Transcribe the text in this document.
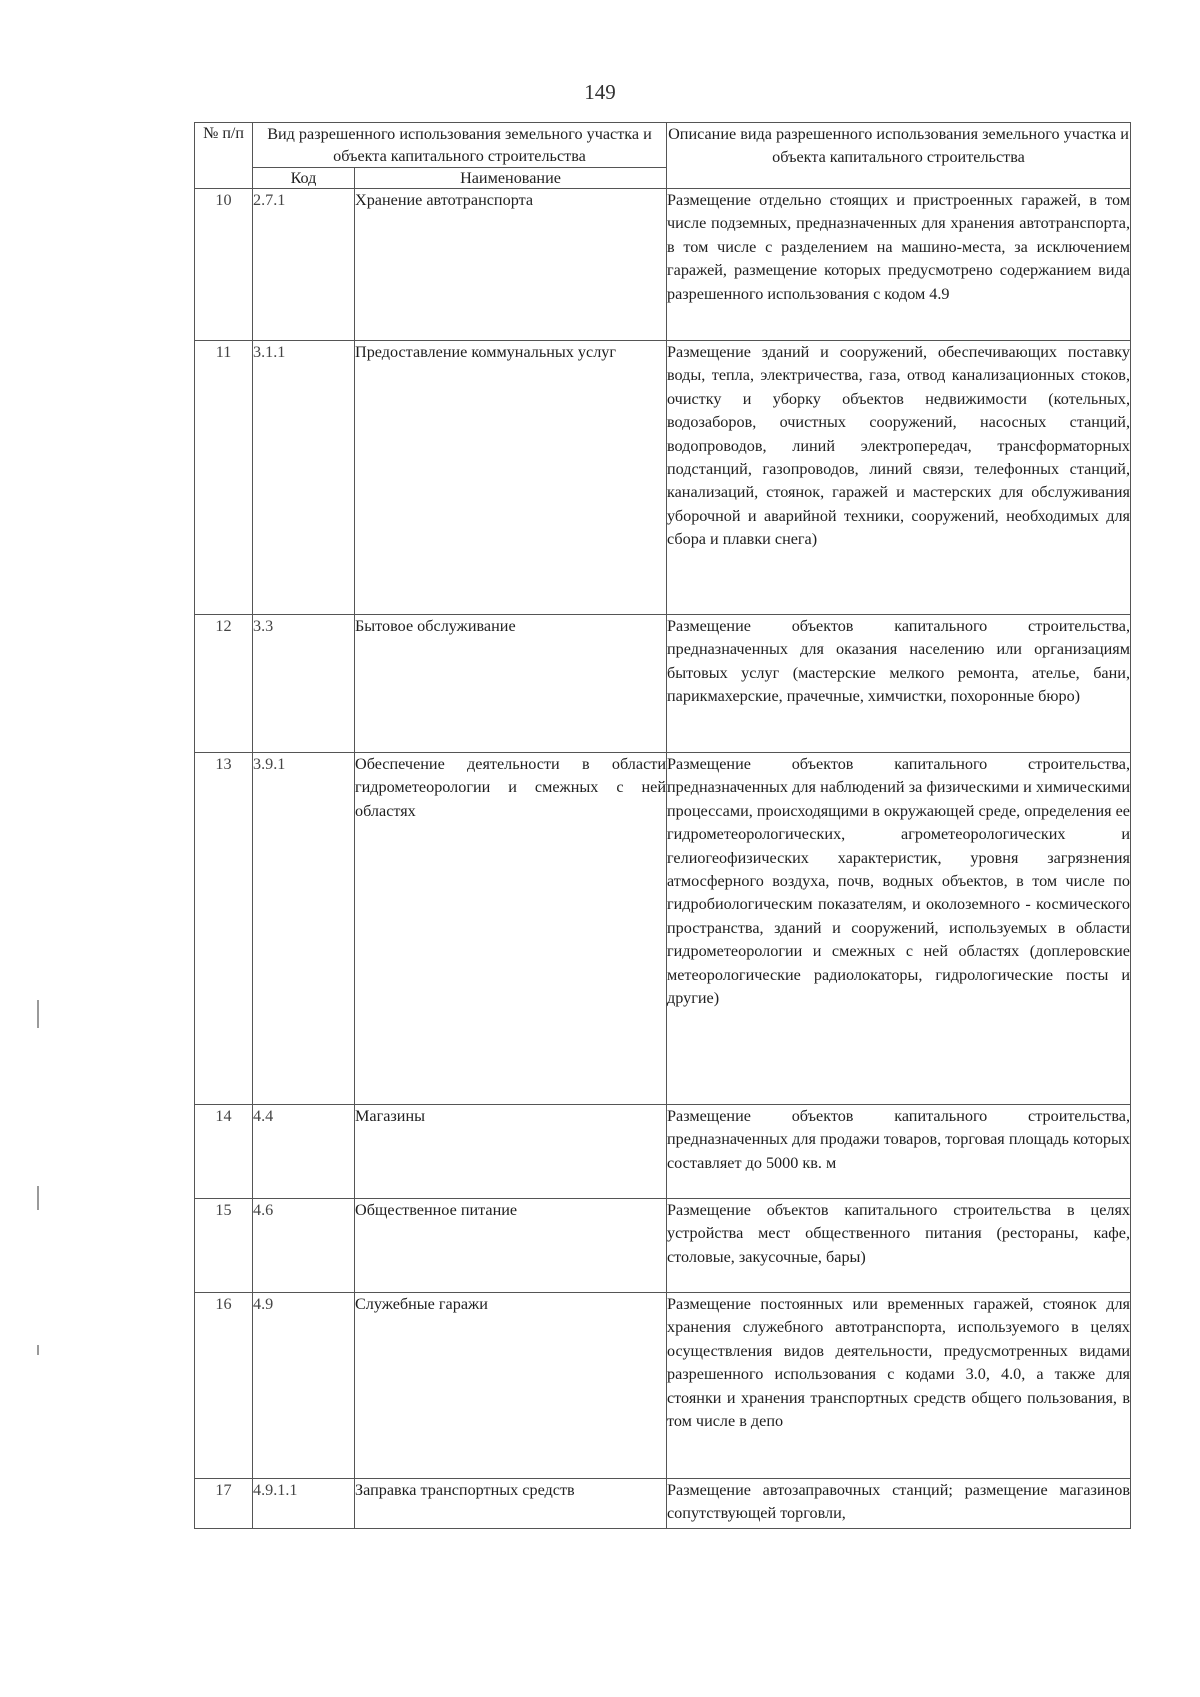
149
№ п/п	Вид разрешенного использования земельного участка и объекта капитального строительства		Описание вида разрешенного использования земельного участка и объекта капитального строительства
	Код	Наименование	
10	2.7.1	Хранение автотранспорта	Размещение отдельно стоящих и пристроенных гаражей, в том числе подземных, предназначенных для хранения автотранспорта, в том числе с разделением на машино-места, за исключением гаражей, размещение которых предусмотрено содержанием вида разрешенного использования с кодом 4.9
11	3.1.1	Предоставление коммунальных услуг	Размещение зданий и сооружений, обеспечивающих поставку воды, тепла, электричества, газа, отвод канализационных стоков, очистку и уборку объектов недвижимости (котельных, водозаборов, очистных сооружений, насосных станций, водопроводов, линий электропередач, трансформаторных подстанций, газопроводов, линий связи, телефонных станций, канализаций, стоянок, гаражей и мастерских для обслуживания уборочной и аварийной техники, сооружений, необходимых для сбора и плавки снега)
12	3.3	Бытовое обслуживание	Размещение объектов капитального строительства, предназначенных для оказания населению или организациям бытовых услуг (мастерские мелкого ремонта, ателье, бани, парикмахерские, прачечные, химчистки, похоронные бюро)
13	3.9.1	Обеспечение деятельности в области гидрометеорологии и смежных с ней областях	Размещение объектов капитального строительства, предназначенных для наблюдений за физическими и химическими процессами, происходящими в окружающей среде, определения ее гидрометеорологических, агрометеорологических и гелиогеофизических характеристик, уровня загрязнения атмосферного воздуха, почв, водных объектов, в том числе по гидробиологическим показателям, и околоземного - космического пространства, зданий и сооружений, используемых в области гидрометеорологии и смежных с ней областях (доплеровские метеорологические радиолокаторы, гидрологические посты и другие)
14	4.4	Магазины	Размещение объектов капитального строительства, предназначенных для продажи товаров, торговая площадь которых составляет до 5000 кв. м
15	4.6	Общественное питание	Размещение объектов капитального строительства в целях устройства мест общественного питания (рестораны, кафе, столовые, закусочные, бары)
16	4.9	Служебные гаражи	Размещение постоянных или временных гаражей, стоянок для хранения служебного автотранспорта, используемого в целях осуществления видов деятельности, предусмотренных видами разрешенного использования с кодами 3.0, 4.0, а также для стоянки и хранения транспортных средств общего пользования, в том числе в депо
17	4.9.1.1	Заправка транспортных средств	Размещение автозаправочных станций; размещение магазинов сопутствующей торговли,
